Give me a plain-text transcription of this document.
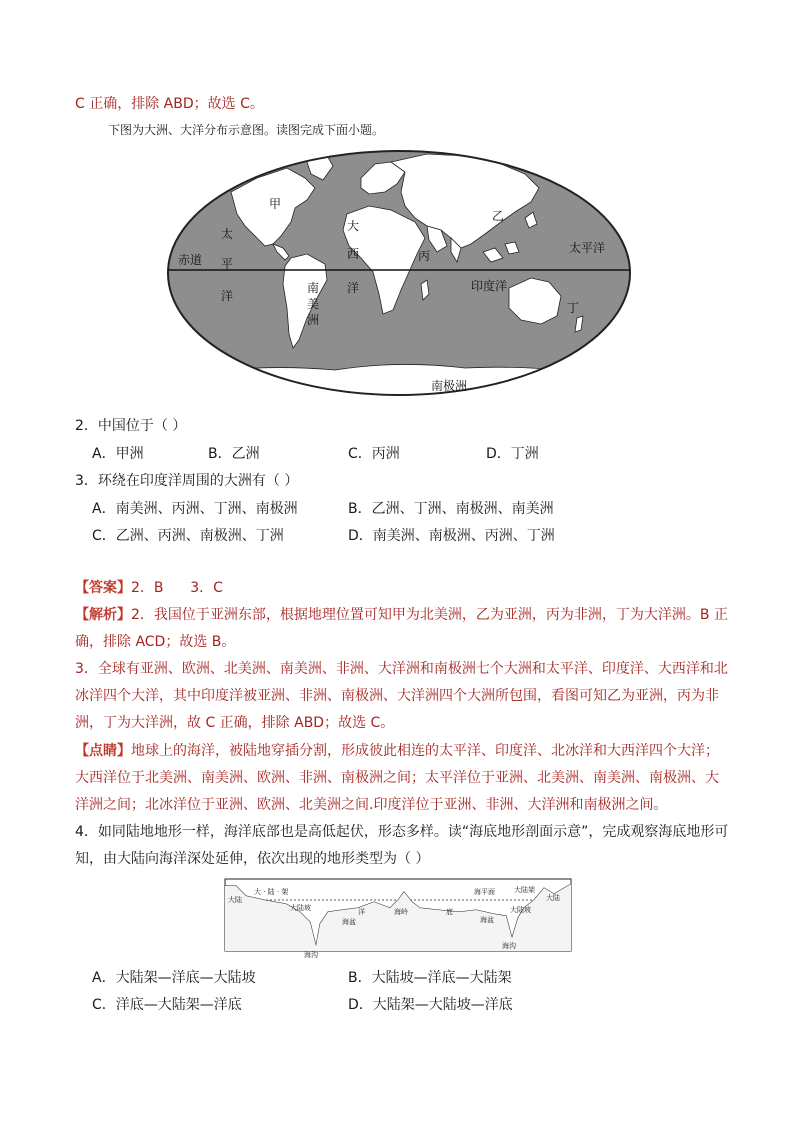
C 正确，排除 ABD；故选 C。
下图为大洲、大洋分布示意图。读图完成下面小题。
甲
乙
丙
丁
大
西
洋
太
平
洋
南
美
洲
赤道
太平洋
印度洋
南极洲
2．中国位于（ ）
A．甲洲	B．乙洲	C．丙洲	D．丁洲
3．环绕在印度洋周围的大洲有（ ）
A．南美洲、丙洲、丁洲、南极洲	B．乙洲、丁洲、南极洲、南美洲
C．乙洲、丙洲、南极洲、丁洲	D．南美洲、南极洲、丙洲、丁洲
【答案】2．B      3．C
【解析】2．我国位于亚洲东部，根据地理位置可知甲为北美洲，乙为亚洲，丙为非洲，丁为大洋洲。B 正
确，排除 ACD；故选 B。
3．全球有亚洲、欧洲、北美洲、南美洲、非洲、大洋洲和南极洲七个大洲和太平洋、印度洋、大西洋和北
冰洋四个大洋，其中印度洋被亚洲、非洲、南极洲、大洋洲四个大洲所包围，看图可知乙为亚洲，丙为非
洲，丁为大洋洲，故 C 正确，排除 ABD；故选 C。
【点睛】地球上的海洋，被陆地穿插分割，形成彼此相连的太平洋、印度洋、北冰洋和大西洋四个大洋；
大西洋位于北美洲、南美洲、欧洲、非洲、南极洲之间；太平洋位于亚洲、北美洲、南美洲、南极洲、大
洋洲之间；北冰洋位于亚洲、欧洲、北美洲之间.印度洋位于亚洲、非洲、大洋洲和南极洲之间。
4．如同陆地地形一样，海洋底部也是高低起伏，形态多样。读“海底地形剖面示意”，完成观察海底地形可
知，由大陆向海洋深处延伸，依次出现的地形类型为（ ）
大陆	大陆
大 · 陆 · 架
大陆坡
大陆架
大陆坡
海沟
洋	底
海盆	海盆
海岭
海平面
海沟
A．大陆架—洋底—大陆坡	B．大陆坡—洋底—大陆架
C．洋底—大陆架—洋底	D．大陆架—大陆坡—洋底
